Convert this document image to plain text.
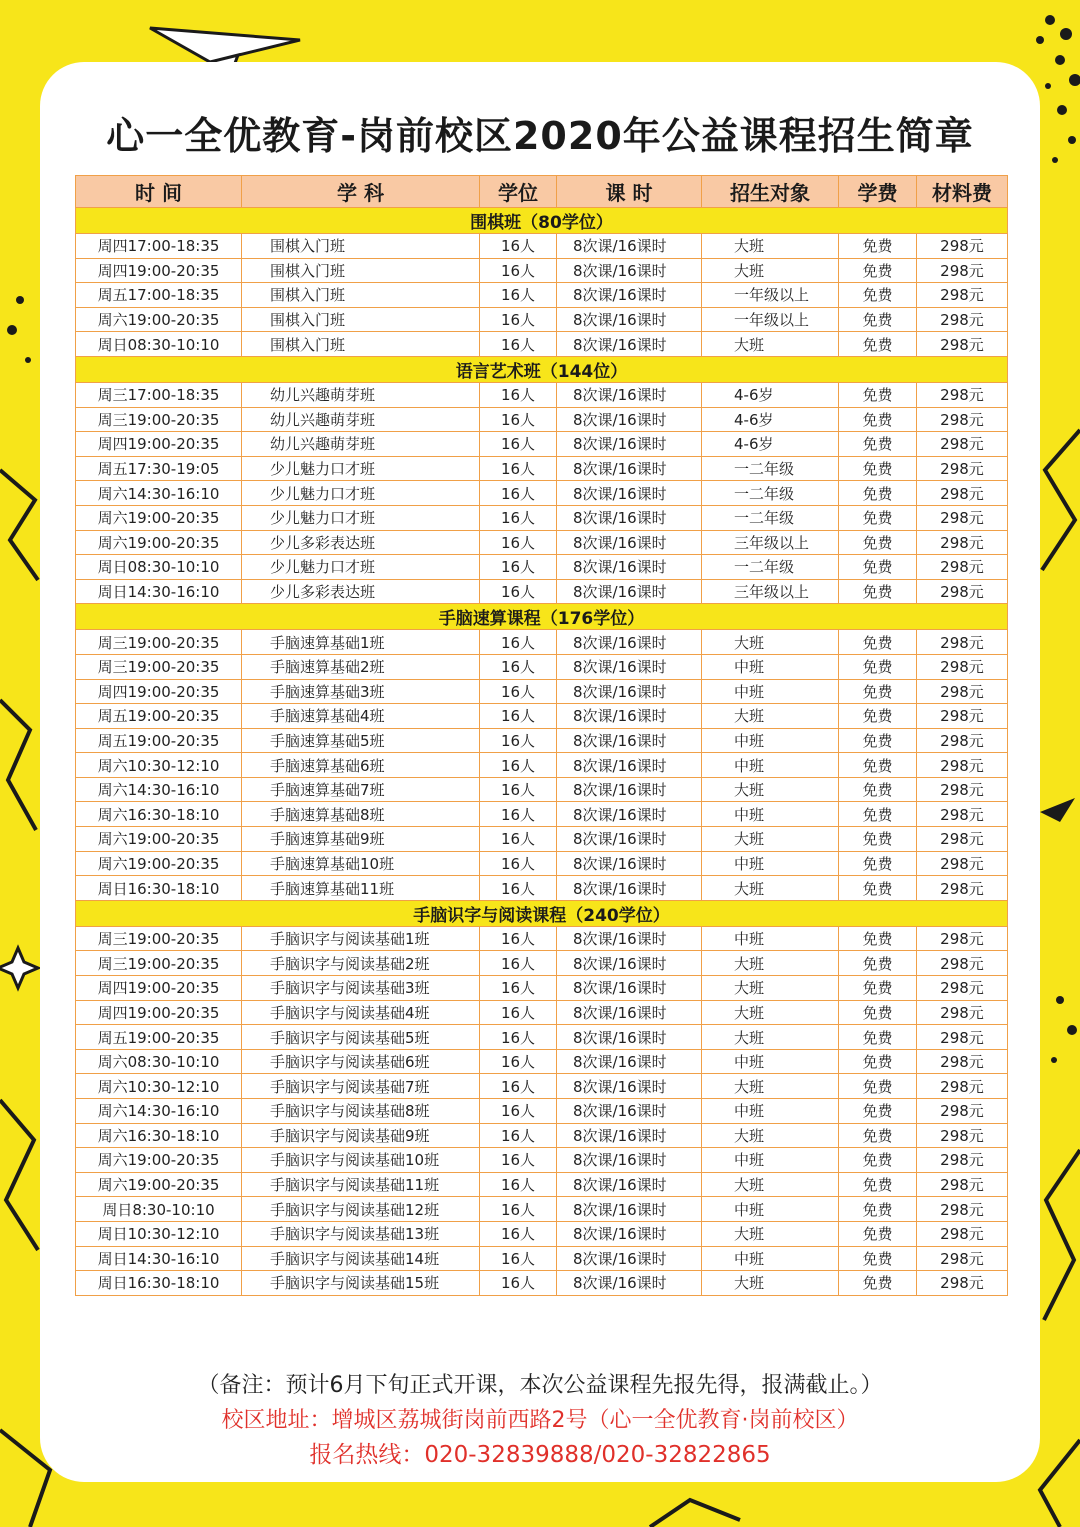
心一全优教育-岗前校区2020年公益课程招生简章
时 间	学 科	学位	课 时	招生对象	学费	材料费
围棋班（80学位）						
周四17:00-18:35	围棋入门班	16人	8次课/16课时	大班	免费	298元
周四19:00-20:35	围棋入门班	16人	8次课/16课时	大班	免费	298元
周五17:00-18:35	围棋入门班	16人	8次课/16课时	一年级以上	免费	298元
周六19:00-20:35	围棋入门班	16人	8次课/16课时	一年级以上	免费	298元
周日08:30-10:10	围棋入门班	16人	8次课/16课时	大班	免费	298元
语言艺术班（144位）						
周三17:00-18:35	幼儿兴趣萌芽班	16人	8次课/16课时	4-6岁	免费	298元
周三19:00-20:35	幼儿兴趣萌芽班	16人	8次课/16课时	4-6岁	免费	298元
周四19:00-20:35	幼儿兴趣萌芽班	16人	8次课/16课时	4-6岁	免费	298元
周五17:30-19:05	少儿魅力口才班	16人	8次课/16课时	一二年级	免费	298元
周六14:30-16:10	少儿魅力口才班	16人	8次课/16课时	一二年级	免费	298元
周六19:00-20:35	少儿魅力口才班	16人	8次课/16课时	一二年级	免费	298元
周六19:00-20:35	少儿多彩表达班	16人	8次课/16课时	三年级以上	免费	298元
周日08:30-10:10	少儿魅力口才班	16人	8次课/16课时	一二年级	免费	298元
周日14:30-16:10	少儿多彩表达班	16人	8次课/16课时	三年级以上	免费	298元
手脑速算课程（176学位）						
周三19:00-20:35	手脑速算基础1班	16人	8次课/16课时	大班	免费	298元
周三19:00-20:35	手脑速算基础2班	16人	8次课/16课时	中班	免费	298元
周四19:00-20:35	手脑速算基础3班	16人	8次课/16课时	中班	免费	298元
周五19:00-20:35	手脑速算基础4班	16人	8次课/16课时	大班	免费	298元
周五19:00-20:35	手脑速算基础5班	16人	8次课/16课时	中班	免费	298元
周六10:30-12:10	手脑速算基础6班	16人	8次课/16课时	中班	免费	298元
周六14:30-16:10	手脑速算基础7班	16人	8次课/16课时	大班	免费	298元
周六16:30-18:10	手脑速算基础8班	16人	8次课/16课时	中班	免费	298元
周六19:00-20:35	手脑速算基础9班	16人	8次课/16课时	大班	免费	298元
周六19:00-20:35	手脑速算基础10班	16人	8次课/16课时	中班	免费	298元
周日16:30-18:10	手脑速算基础11班	16人	8次课/16课时	大班	免费	298元
手脑识字与阅读课程（240学位）						
周三19:00-20:35	手脑识字与阅读基础1班	16人	8次课/16课时	中班	免费	298元
周三19:00-20:35	手脑识字与阅读基础2班	16人	8次课/16课时	大班	免费	298元
周四19:00-20:35	手脑识字与阅读基础3班	16人	8次课/16课时	大班	免费	298元
周四19:00-20:35	手脑识字与阅读基础4班	16人	8次课/16课时	大班	免费	298元
周五19:00-20:35	手脑识字与阅读基础5班	16人	8次课/16课时	大班	免费	298元
周六08:30-10:10	手脑识字与阅读基础6班	16人	8次课/16课时	中班	免费	298元
周六10:30-12:10	手脑识字与阅读基础7班	16人	8次课/16课时	大班	免费	298元
周六14:30-16:10	手脑识字与阅读基础8班	16人	8次课/16课时	中班	免费	298元
周六16:30-18:10	手脑识字与阅读基础9班	16人	8次课/16课时	大班	免费	298元
周六19:00-20:35	手脑识字与阅读基础10班	16人	8次课/16课时	中班	免费	298元
周六19:00-20:35	手脑识字与阅读基础11班	16人	8次课/16课时	大班	免费	298元
周日8:30-10:10	手脑识字与阅读基础12班	16人	8次课/16课时	中班	免费	298元
周日10:30-12:10	手脑识字与阅读基础13班	16人	8次课/16课时	大班	免费	298元
周日14:30-16:10	手脑识字与阅读基础14班	16人	8次课/16课时	中班	免费	298元
周日16:30-18:10	手脑识字与阅读基础15班	16人	8次课/16课时	大班	免费	298元
（备注：预计6月下旬正式开课，本次公益课程先报先得，报满截止。）
校区地址：增城区荔城街岗前西路2号（心一全优教育·岗前校区）
报名热线：020-32839888/020-32822865
